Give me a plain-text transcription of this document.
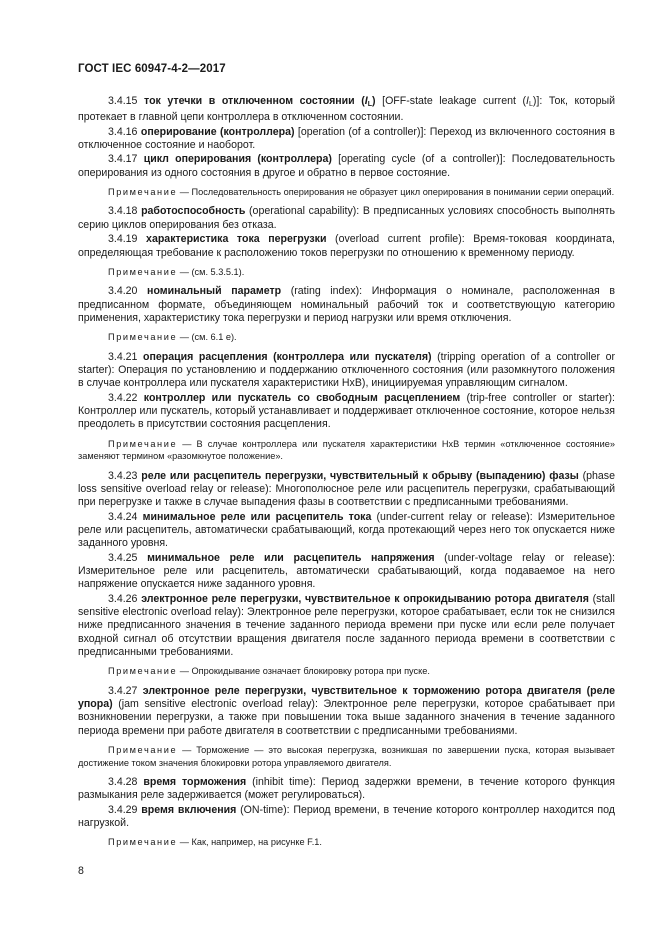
ГОСТ IEC 60947-4-2—2017

3.4.15 ток утечки в отключенном состоянии $(I_L)$ [OFF-state leakage current $(I_L)$]: Ток, который протекает в главной цепи контроллера в отключенном состоянии.

3.4.16 оперирование (контроллера) [operation (of a controller)]: Переход из включенного состояния в отключенное состояние и наоборот.

3.4.17 цикл оперирования (контроллера) [operating cycle (of a controller)]: Последовательность оперирования из одного состояния в другое и обратно в первое состояние.

Примечание — Последовательность оперирования не образует цикл оперирования в понимании серии операций.

3.4.18 работоспособность (operational capability): В предписанных условиях способность выполнять серию циклов оперирования без отказа.

3.4.19 характеристика тока перегрузки (overload current profile): Время-токовая координата, определяющая требование к расположению токов перегрузки по отношению к временному периоду.

Примечание — (см. 5.3.5.1).

3.4.20 номинальный параметр (rating index): Информация о номинале, расположенная в предписанном формате, объединяющем номинальный рабочий ток и соответствующую категорию применения, характеристику тока перегрузки и период нагрузки или время отключения.

Примечание — (см. 6.1 е).

3.4.21 операция расцепления (контроллера или пускателя) (tripping operation of a controller or starter): Операция по установлению и поддержанию отключенного состояния (или разомкнутого положения в случае контроллера или пускателя характеристики HxB), инициируемая управляющим сигналом.

3.4.22 контроллер или пускатель со свободным расцеплением (trip-free controller or starter): Контроллер или пускатель, который устанавливает и поддерживает отключенное состояние, которое нельзя преодолеть в присутствии состояния расцепления.

Примечание — В случае контроллера или пускателя характеристики HxB термин «отключенное состояние» заменяют термином «разомкнутое положение».

3.4.23 реле или расцепитель перегрузки, чувствительный к обрыву (выпадению) фазы (phase loss sensitive overload relay or release): Многополюсное реле или расцепитель перегрузки, срабатывающий при перегрузке и также в случае выпадения фазы в соответствии с предписанными требованиями.

3.4.24 минимальное реле или расцепитель тока (under-current relay or release): Измерительное реле или расцепитель, автоматически срабатывающий, когда протекающий через него ток опускается ниже заданного уровня.

3.4.25 минимальное реле или расцепитель напряжения (under-voltage relay or release): Измерительное реле или расцепитель, автоматически срабатывающий, когда подаваемое на него напряжение опускается ниже заданного уровня.

3.4.26 электронное реле перегрузки, чувствительное к опрокидыванию ротора двигателя (stall sensitive electronic overload relay): Электронное реле перегрузки, которое срабатывает, если ток не снизился ниже предписанного значения в течение заданного периода времени при пуске или если реле получает входной сигнал об отсутствии вращения двигателя после заданного периода времени в соответствии с предписанными требованиями.

Примечание — Опрокидывание означает блокировку ротора при пуске.

3.4.27 электронное реле перегрузки, чувствительное к торможению ротора двигателя (реле упора) (jam sensitive electronic overload relay): Электронное реле перегрузки, которое срабатывает при возникновении перегрузки, а также при повышении тока выше заданного значения в течение заданного периода времени при работе двигателя в соответствии с предписанными требованиями.

Примечание — Торможение — это высокая перегрузка, возникшая по завершении пуска, которая вызывает достижение током значения блокировки ротора управляемого двигателя.

3.4.28 время торможения (inhibit time): Период задержки времени, в течение которого функция размыкания реле задерживается (может регулироваться).

3.4.29 время включения (ON-time): Период времени, в течение которого контроллер находится под нагрузкой.

Примечание — Как, например, на рисунке F.1.

8
